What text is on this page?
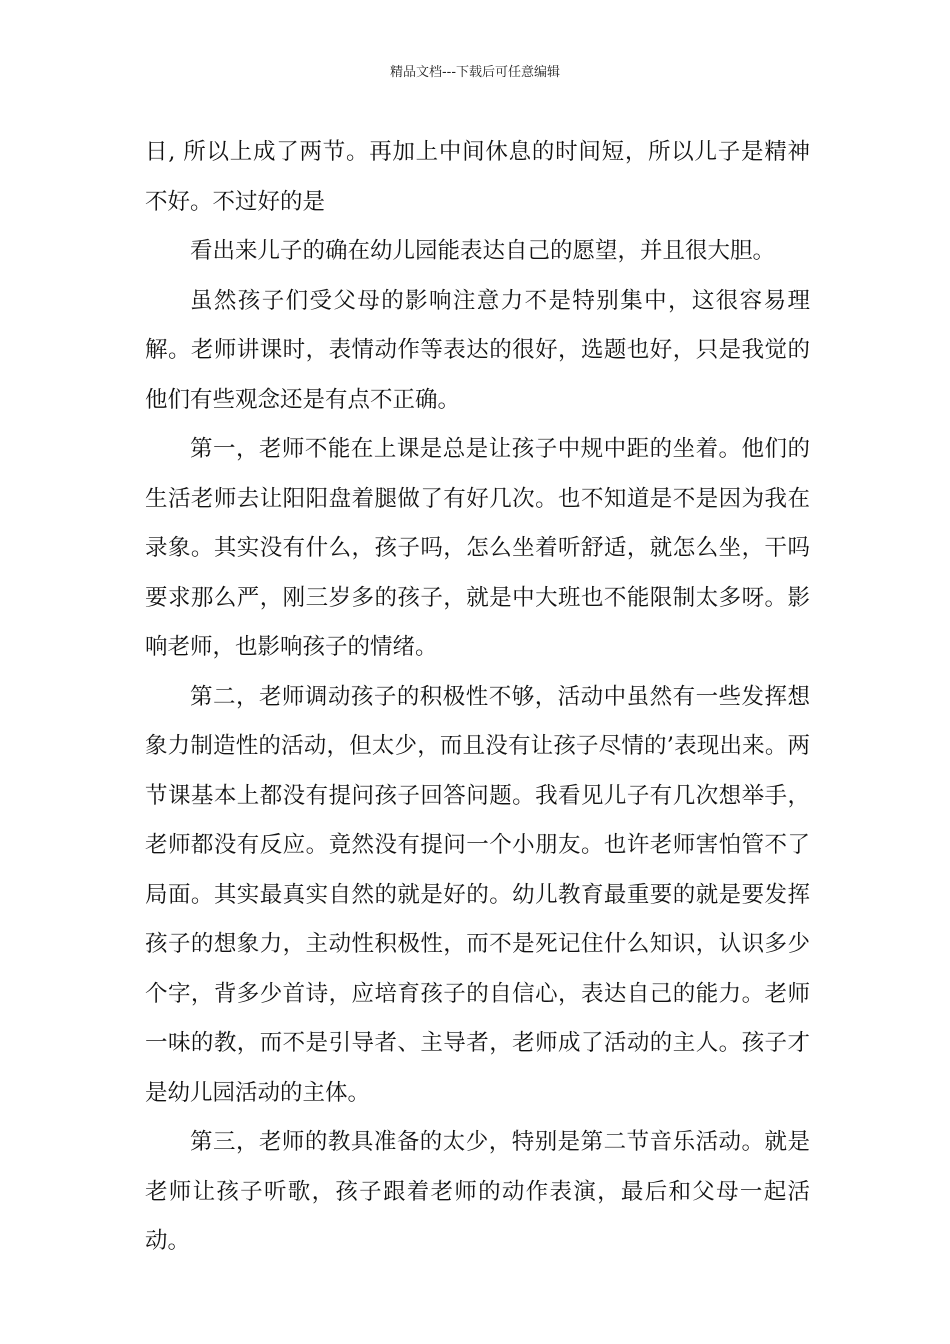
精品文档---下载后可任意编辑

日, 所以上成了两节。再加上中间休息的时间短，所以儿子是精神不好。不过好的是

看出来儿子的确在幼儿园能表达自己的愿望，并且很大胆。

虽然孩子们受父母的影响注意力不是特别集中，这很容易理解。老师讲课时，表情动作等表达的很好，选题也好，只是我觉的他们有些观念还是有点不正确。

第一，老师不能在上课是总是让孩子中规中距的坐着。他们的生活老师去让阳阳盘着腿做了有好几次。也不知道是不是因为我在录象。其实没有什么，孩子吗，怎么坐着听舒适，就怎么坐，干吗要求那么严，刚三岁多的孩子，就是中大班也不能限制太多呀。影响老师，也影响孩子的情绪。

第二，老师调动孩子的积极性不够，活动中虽然有一些发挥想象力制造性的活动，但太少，而且没有让孩子尽情的’表现出来。两节课基本上都没有提问孩子回答问题。我看见儿子有几次想举手，老师都没有反应。竟然没有提问一个小朋友。也许老师害怕管不了局面。其实最真实自然的就是好的。幼儿教育最重要的就是要发挥孩子的想象力，主动性积极性，而不是死记住什么知识，认识多少个字，背多少首诗，应培育孩子的自信心，表达自己的能力。老师一味的教，而不是引导者、主导者，老师成了活动的主人。孩子才是幼儿园活动的主体。

第三，老师的教具准备的太少，特别是第二节音乐活动。就是老师让孩子听歌，孩子跟着老师的动作表演，最后和父母一起活动。
